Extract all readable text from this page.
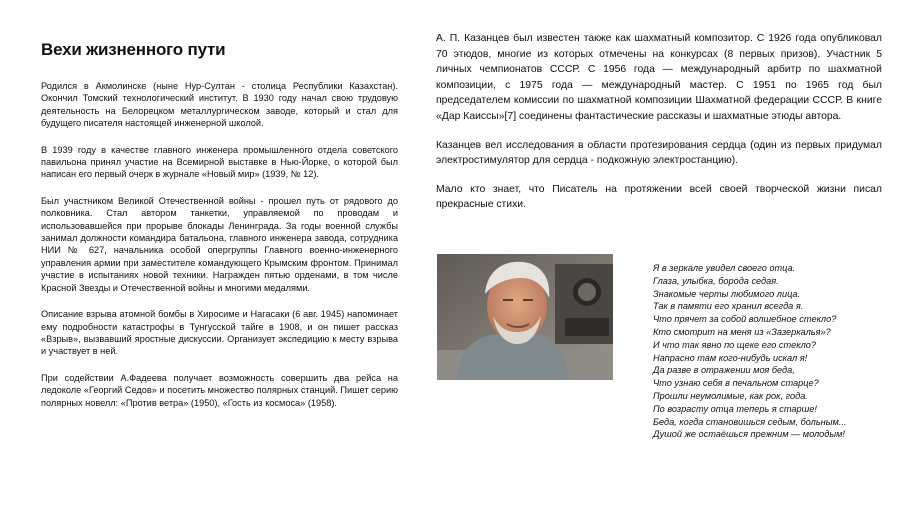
Вехи жизненного пути

Родился в Акмолинске (ныне Нур-Султан - столица Республики Казахстан). Окончил Томский технологический институт. В 1930 году начал свою трудовую деятельность на Белорецком металлургическом заводе, который и стал для будущего писателя настоящей инженерной школой.

В 1939 году в качестве главного инженера промышленного отдела советского павильона принял участие на Всемирной выставке в Нью-Йорке, о которой был написан его первый очерк в журнале «Новый мир» (1939, № 12).

Был участником Великой Отечественной войны - прошел путь от рядового до полковника. Стал автором танкетки, управляемой по проводам и использовавшейся при прорыве блокады Ленинграда. За годы военной службы занимал должности командира батальона, главного инженера завода, сотрудника НИИ № 627, начальника особой опергруппы Главного военно-инженерного управления армии при заместителе командующего Крымским фронтом. Принимал участие в испытаниях новой техники. Награжден пятью орденами, в том числе Красной Звезды и Отечественной войны и многими медалями.

Описание взрыва атомной бомбы в Хиросиме и Нагасаки (6 авг. 1945) напоминает ему подробности катастрофы в Тунгусской тайге в 1908, и он пишет рассказ «Взрыв», вызвавший яростные дискуссии. Организует экспедицию к месту взрыва и участвует в ней.

При содействии А.Фадеева получает возможность совершить два рейса на ледоколе «Георгий Седов» и посетить множество полярных станций. Пишет серию полярных новелл: «Против ветра» (1950), «Гость из космоса» (1958).

А. П. Казанцев был известен также как шахматный композитор. С 1926 года опубликовал 70 этюдов, многие из которых отмечены на конкурсах (8 первых призов). Участник 5 личных чемпионатов СССР. С 1956 года — международный арбитр по шахматной композиции, с 1975 года — международный мастер. С 1951 по 1965 год был председателем комиссии по шахматной композиции Шахматной федерации СССР. В книге «Дар Каиссы»[7] соединены фантастические рассказы и шахматные этюды автора.

Казанцев вел исследования в области протезирования сердца (один из первых придумал электростимулятор для сердца - подкожную электростанцию).

Мало кто знает, что Писатель на протяжении всей своей творческой жизни писал прекрасные стихи.

Я в зеркале увидел своего отца.
Глаза, улыбка, борода седая.
Знакомые черты любимого лица.
Так в памяти его хранил всегда я.
Что прячет за собой волшебное стекло?
Кто смотрит на меня из «Зазеркалья»?
И что так явно по щеке его стекло?
Напрасно там кого-нибудь искал я!
Да разве в отражении моя беда,
Что узнаю себя в печальном старце?
Прошли неумолимые, как рок, года.
По возрасту отца теперь я старше!
Беда, когда становишься седым, больным...
Душой же остаёшься прежним — молодым!
